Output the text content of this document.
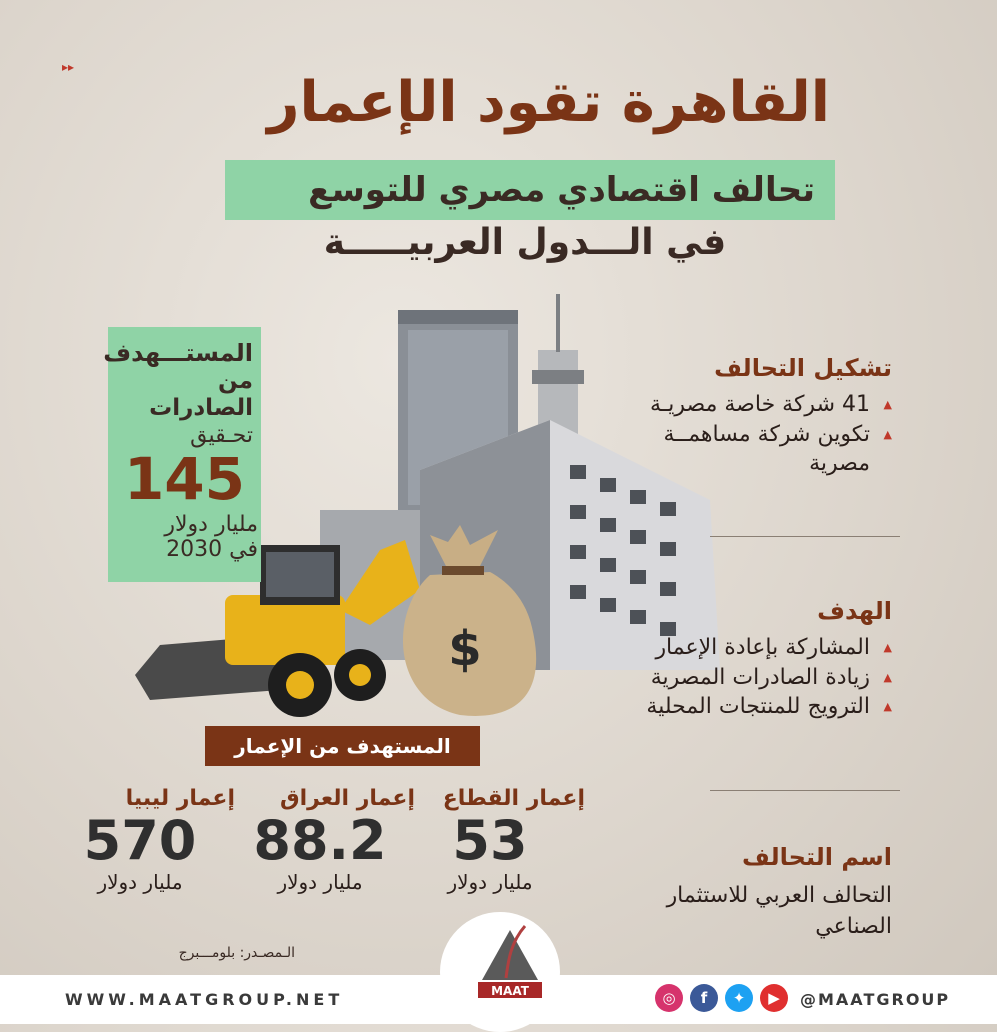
▸▸
القاهرة تقود الإعمار
تحالف اقتصادي مصري للتوسع
في الـــدول العربيـــــة
$
المستـــهدف
من الصادرات
تحـقيق
145
مليار دولار
في 2030
تشكيل التحالف
▲
41 شركة خاصة مصريـة
▲
تكوين شركة مساهمــة مصرية
الهدف
▲
المشاركة بإعادة الإعمار
▲
زيادة الصادرات المصرية
▲
الترويج للمنتجات المحلية
اسم التحالف
التحالف العربي للاستثمار الصناعي
المستهدف من الإعمار
إعمار القطاع
53
مليار دولار
إعمار العراق
88.2
مليار دولار
إعمار ليبيا
570
مليار دولار
الـمصـدر: بلومـــبرج
MAAT
WWW.MAATGROUP.NET	◎	f	✦	▶	@MAATGROUP
